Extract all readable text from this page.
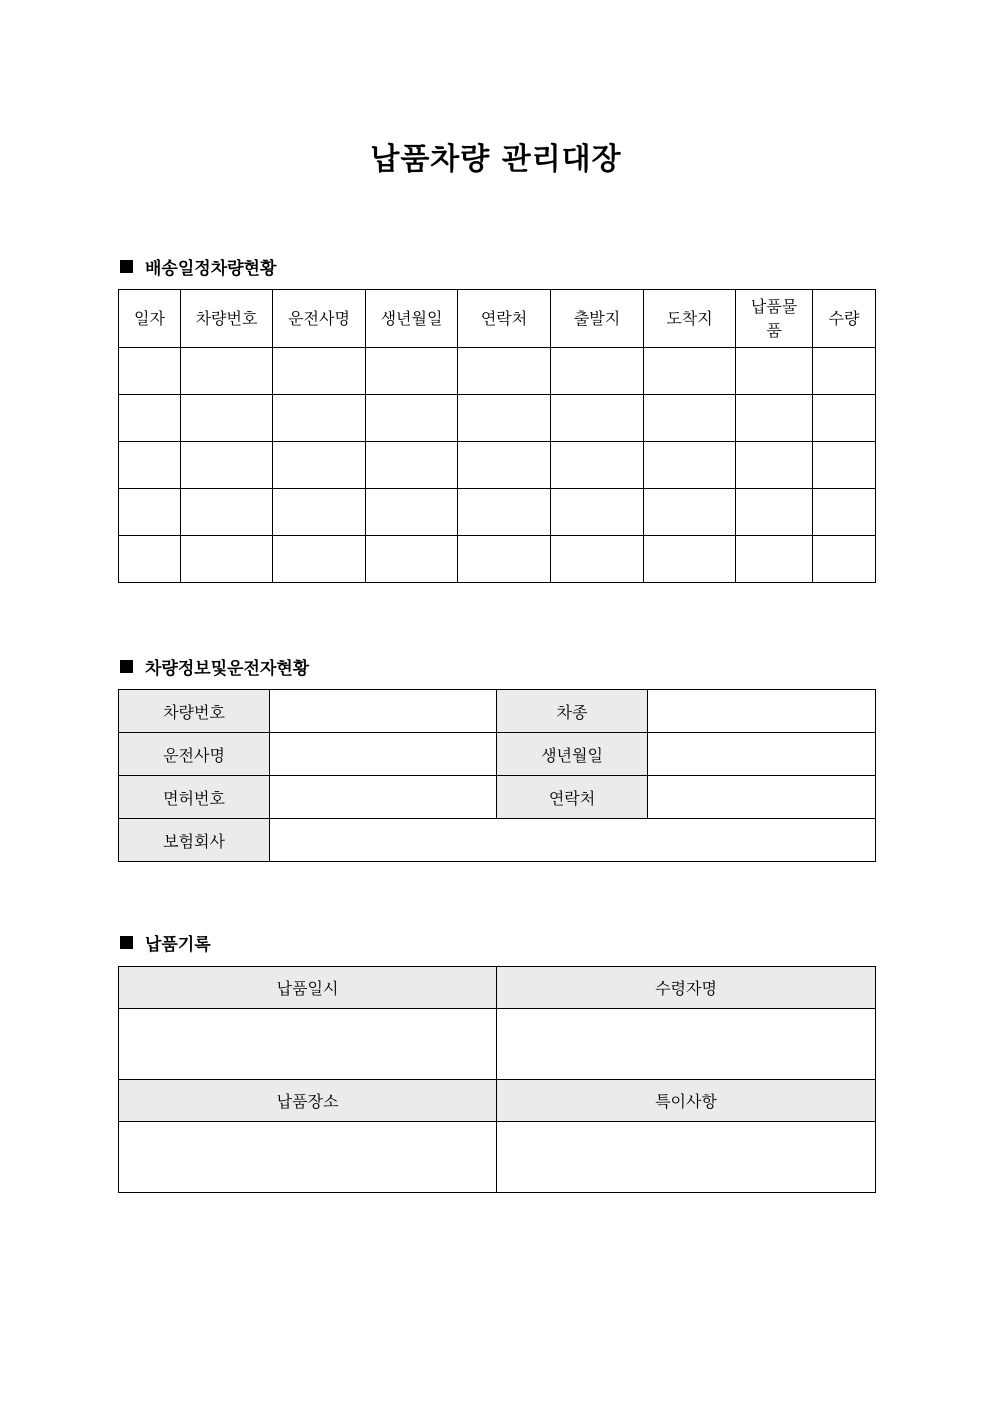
납품차량 관리대장
배송일정차량현황
일자	차량번호	운전사명	생년월일	연락처	출발지	도착지	납품물품	수량

차량정보및운전자현황
차량번호		차종	
운전사명		생년월일	
면허번호		연락처	
보험회사			
납품기록
납품일시	수령자명

납품장소	특이사항
